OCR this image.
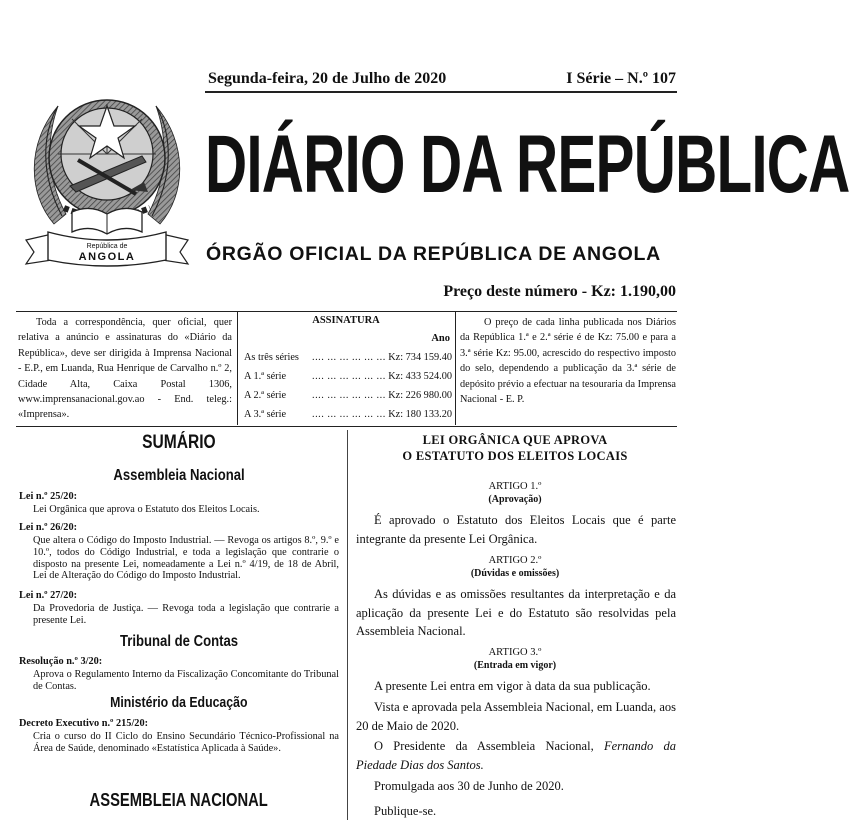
República de
ANGOLA
Segunda-feira, 20 de Julho de 2020	I Série – N.º 107
DIÁRIO DA REPÚBLICA
ÓRGÃO OFICIAL DA REPÚBLICA DE ANGOLA
Preço deste número - Kz: 1.190,00
Toda a correspondência, quer oficial, quer relativa a anúncio e assinaturas do «Diário da República», deve ser dirigida à Imprensa Nacional - E.P., em Luanda, Rua Henrique de Carvalho n.º 2, Cidade Alta, Caixa Postal 1306, www.imprensanacional.gov.ao - End. teleg.: «Imprensa».
ASSINATURA
Ano
As três séries .... ... ... ... ... ... Kz: 734 159.40
A 1.ª série	.... ... ... ... ... ... Kz: 433 524.00
A 2.ª série	.... ... ... ... ... ... Kz: 226 980.00
A 3.ª série	.... ... ... ... ... ... Kz: 180 133.20
O preço de cada linha publicada nos Diários da República 1.ª e 2.ª série é de Kz: 75.00 e para a 3.ª série Kz: 95.00, acrescido do respectivo imposto do selo, dependendo a publicação da 3.ª série de depósito prévio a efectuar na tesouraria da Imprensa Nacional - E. P.
SUMÁRIO
Assembleia Nacional
Lei n.º 25/20:
Lei Orgânica que aprova o Estatuto dos Eleitos Locais.
Lei n.º 26/20:
Que altera o Código do Imposto Industrial. — Revoga os artigos 8.º, 9.º e 10.º, todos do Código Industrial, e toda a legislação que contrarie o disposto na presente Lei, nomeadamente a Lei n.º 4/19, de 18 de Abril, Lei de Alteração do Código do Imposto Industrial.
Lei n.º 27/20:
Da Provedoria de Justiça. — Revoga toda a legislação que contrarie a presente Lei.
Tribunal de Contas
Resolução n.º 3/20:
Aprova o Regulamento Interno da Fiscalização Concomitante do Tribunal de Contas.
Ministério da Educação
Decreto Executivo n.º 215/20:
Cria o curso do II Ciclo do Ensino Secundário Técnico-Profissional na Área de Saúde, denominado «Estatística Aplicada à Saúde».
ASSEMBLEIA NACIONAL
LEI ORGÂNICA QUE APROVA
O ESTATUTO DOS ELEITOS LOCAIS
ARTIGO 1.º
(Aprovação)
É aprovado o Estatuto dos Eleitos Locais que é parte integrante da presente Lei Orgânica.
ARTIGO 2.º
(Dúvidas e omissões)
As dúvidas e as omissões resultantes da interpretação e da aplicação da presente Lei e do Estatuto são resolvidas pela Assembleia Nacional.
ARTIGO 3.º
(Entrada em vigor)
A presente Lei entra em vigor à data da sua publicação.
Vista e aprovada pela Assembleia Nacional, em Luanda, aos 20 de Maio de 2020.
O Presidente da Assembleia Nacional, Fernando da Piedade Dias dos Santos.
Promulgada aos 30 de Junho de 2020.
Publique-se.
